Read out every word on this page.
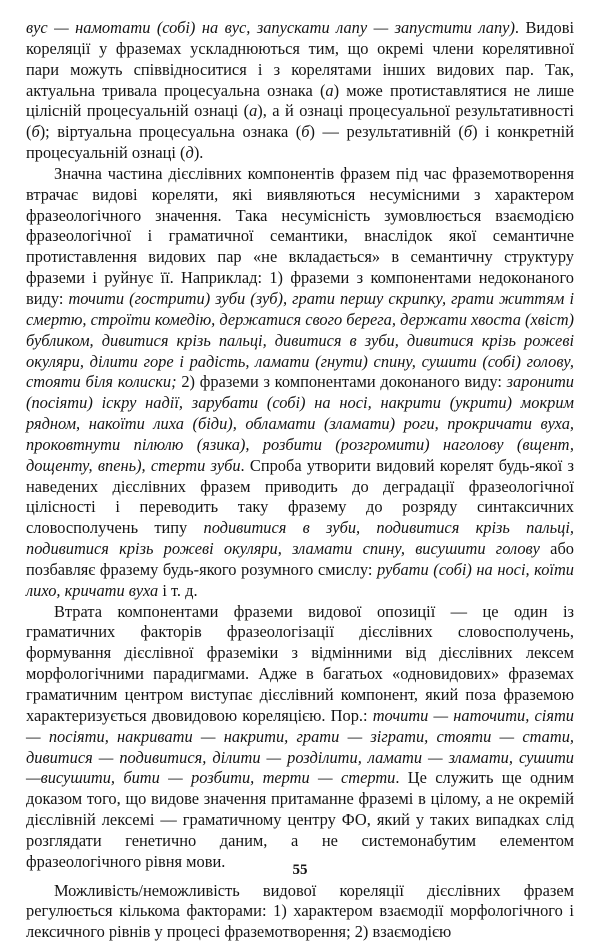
вус — намотати (собі) на вус, запускати лапу — запустити лапу). Видові кореляції у фраземах ускладнюються тим, що окремі члени корелятивної пари можуть співвідноситися і з корелятами інших видових пар. Так, актуальна тривала процесуальна ознака (а) може протиставлятися не лише цілісній процесуальній ознаці (а), а й ознаці процесуальної результативності (б); віртуальна процесуальна ознака (б) — результативній (б) і конкретній процесуальній ознаці (д).

Значна частина дієслівних компонентів фразем під час фраземотворення втрачає видові кореляти, які виявляються несумісними з характером фразеологічного значення. Така несумісність зумовлюється взаємодією фразеологічної і граматичної семантики, внаслідок якої семантичне протиставлення видових пар «не вкладається» в семантичну структуру фраземи і руйнує її. Наприклад: 1) фраземи з компонентами недоконаного виду: точити (гострити) зуби (зуб), грати першу скрипку, грати життям і смертю, строїти комедію, держатися свого берега, держати хвоста (хвіст) бубликом, дивитися крізь пальці, дивитися в зуби, дивитися крізь рожеві окуляри, ділити горе і радість, ламати (гнути) спину, сушити (собі) голову, стояти біля колиски; 2) фраземи з компонентами доконаного виду: заронити (посіяти) іскру надії, зарубати (собі) на носі, накрити (укрити) мокрим рядном, накоїти лиха (біди), обламати (зламати) роги, прокричати вуха, проковтнути пілюлю (язика), розбити (розгромити) наголову (вщент, дощенту, впень), стерти зуби. Спроба утворити видовий корелят будь-якої з наведених дієслівних фразем приводить до деградації фразеологічної цілісності і переводить таку фразему до розряду синтаксичних словосполучень типу подивитися в зуби, подивитися крізь пальці, подивитися крізь рожеві окуляри, зламати спину, висушити голову або позбавляє фразему будь-якого розумного смислу: рубати (собі) на носі, коїти лихо, кричати вуха і т. д.

Втрата компонентами фраземи видової опозиції — це один із граматичних факторів фразеологізації дієслівних словосполучень, формування дієслівної фраземіки з відмінними від дієслівних лексем морфологічними парадигмами. Адже в багатьох «одновидових» фраземах граматичним центром виступає дієслівний компонент, який поза фраземою характеризується двовидовою кореляцією. Пор.: точити — наточити, сіяти — посіяти, накривати — накрити, грати — зіграти, стояти — стати, дивитися — подивитися, ділити — розділити, ламати — зламати, сушити —висушити, бити — розбити, терти — стерти. Це служить ще одним доказом того, що видове значення притаманне фраземі в цілому, а не окремій дієслівній лексемі — граматичному центру ФО, який у таких випадках слід розглядати генетично даним, а не системонабутим елементом фразеологічного рівня мови.

Можливість/неможливість видової кореляції дієслівних фразем регулюється кількома факторами: 1) характером взаємодії морфологічного і лексичного рівнів у процесі фраземотворення; 2) взаємодією

55
